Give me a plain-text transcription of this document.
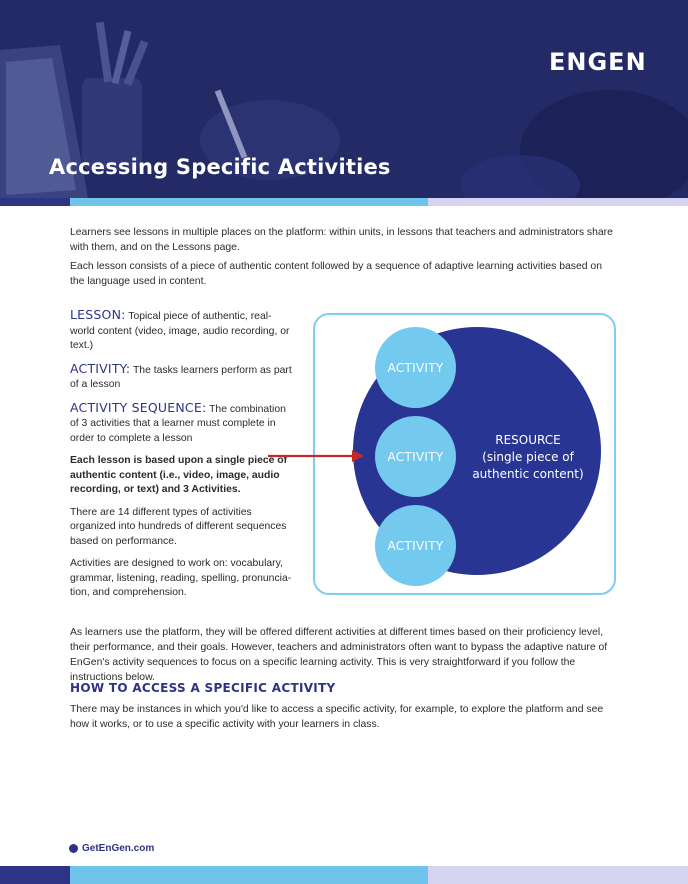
ENGEN
Accessing Specific Activities

Learners see lessons in multiple places on the platform: within units, in lessons that teachers and administrators share with them, and on the Lessons page.

Each lesson consists of a piece of authentic content followed by a sequence of adaptive learning activities based on the language used in content.

LESSON: Topical piece of authentic, real-world content (video, image, audio recording, or text.)

ACTIVITY: The tasks learners perform as part of a lesson

ACTIVITY SEQUENCE: The combination of 3 activities that a learner must complete in order to complete a lesson

Each lesson is based upon a single piece of authentic content (i.e., video, image, audio recording, or text) and 3 Activities.

There are 14 different types of activities organized into hundreds of different sequences based on performance.

Activities are designed to work on: vocabulary, grammar, listening, reading, spelling, pronuncia-tion, and comprehension.

RESOURCE
(single piece of authentic content)
ACTIVITY
ACTIVITY
ACTIVITY

As learners use the platform, they will be offered different activities at different times based on their proficiency level, their performance, and their goals. However, teachers and administrators often want to bypass the adaptive nature of EnGen's activity sequences to focus on a specific learning activity. This is very straightforward if you follow the instructions below.

HOW TO ACCESS A SPECIFIC ACTIVITY

There may be instances in which you'd like to access a specific activity, for example, to explore the platform and see how it works, or to use a specific activity with your learners in class.

GetEnGen.com
